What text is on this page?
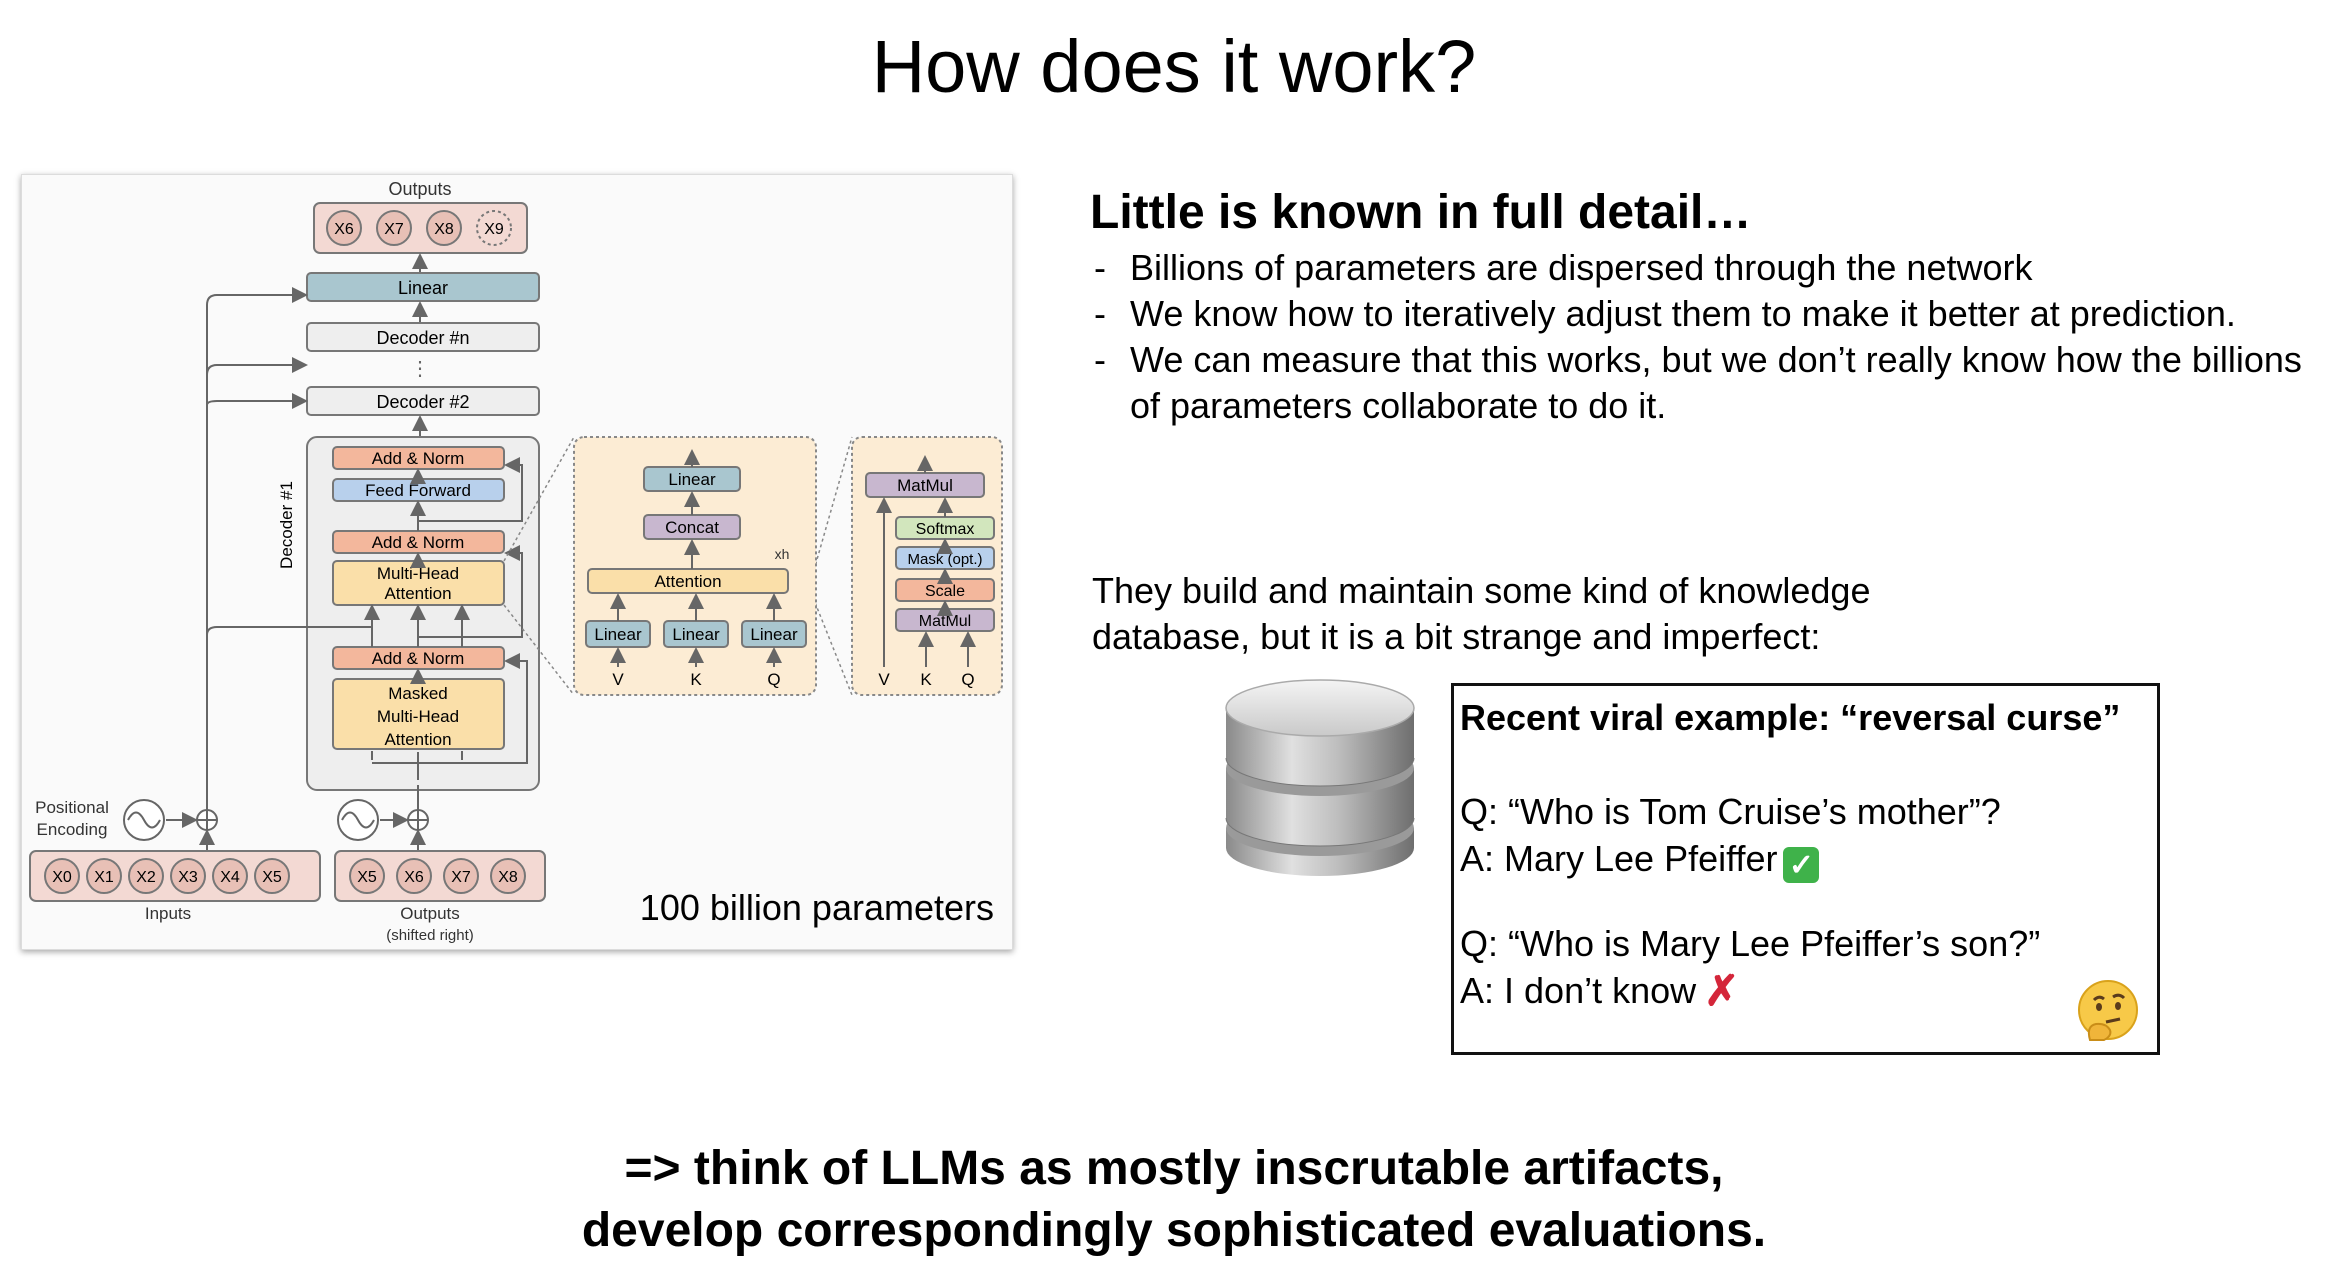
How does it work?
Outputs
X6 X7 X8 X9
Linear
Decoder #n
⋮
Decoder #2
Decoder #1
Add & Norm
Feed Forward
Add & Norm
Multi-Head
Attention
Add & Norm
Masked
Multi-Head
Attention
Positional
Encoding
X0 X1 X2 X3 X4 X5
Inputs
X5 X6 X7 X8
Outputs
(shifted right)
Linear
Concat
Attention
xh
Linear Linear Linear
V	K	Q
MatMul
Softmax
Mask (opt.)
Scale
MatMul
V K Q
100 billion parameters
Little is known in full detail…
- Billions of parameters are dispersed through the network
- We know how to iteratively adjust them to make it better at prediction.
- We can measure that this works, but we don’t really know how the billions of parameters collaborate to do it.
They build and maintain some kind of knowledge database, but it is a bit strange and imperfect:
Recent viral example: “reversal curse”
Q: “Who is Tom Cruise’s mother”?
A: Mary Lee Pfeiffer ✓
Q: “Who is Mary Lee Pfeiffer’s son?”
A: I don’t know ✗
=> think of LLMs as mostly inscrutable artifacts,
develop correspondingly sophisticated evaluations.
